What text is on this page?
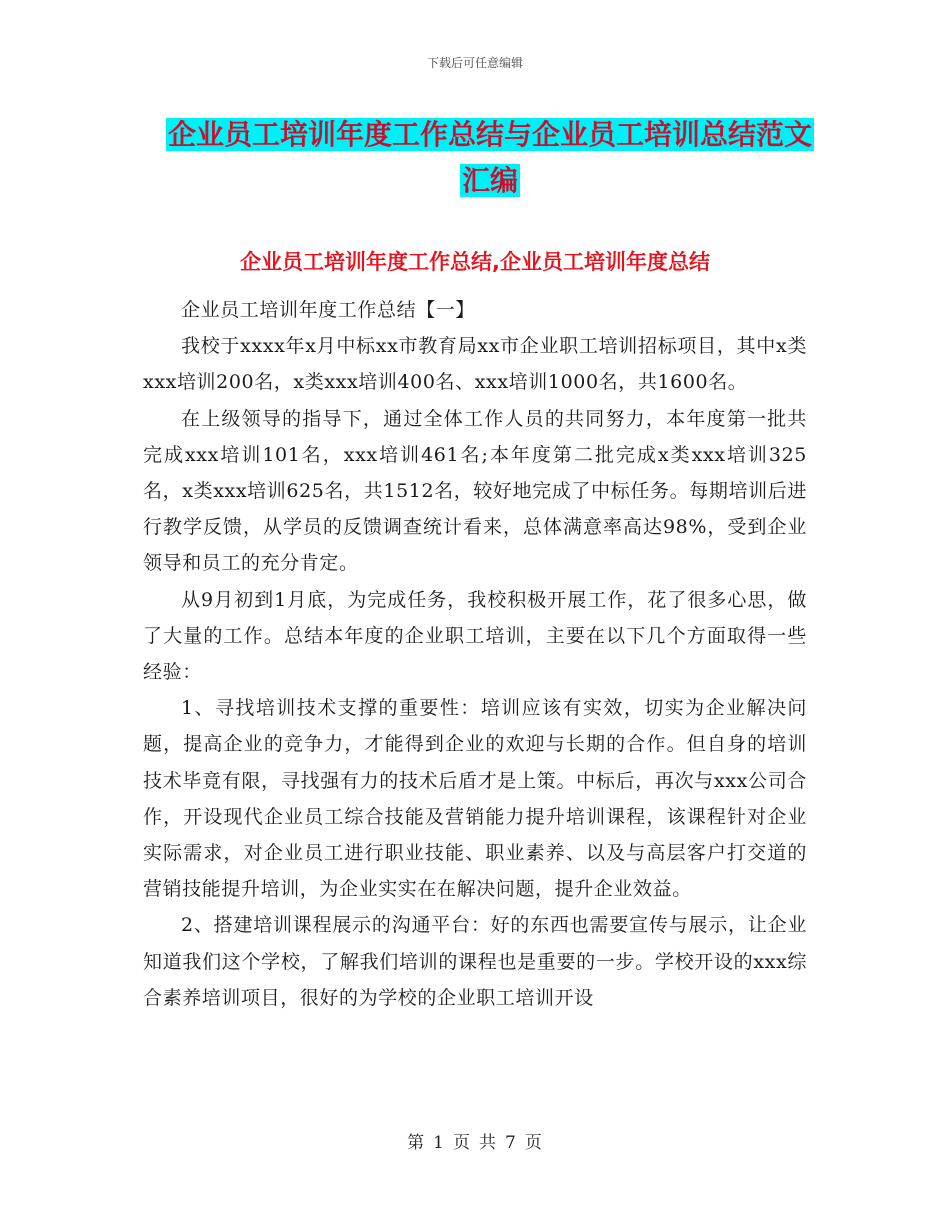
下载后可任意编辑
企业员工培训年度工作总结与企业员工培训总结范文
汇编
企业员工培训年度工作总结,企业员工培训年度总结

企业员工培训年度工作总结【一】

我校于xxxx年x月中标xx市教育局xx市企业职工培训招标项目，其中x类xxx培训200名，x类xxx培训400名、xxx培训1000名，共1600名。

在上级领导的指导下，通过全体工作人员的共同努力，本年度第一批共完成xxx培训101名，xxx培训461名;本年度第二批完成x类xxx培训325名，x类xxx培训625名，共1512名，较好地完成了中标任务。每期培训后进行教学反馈，从学员的反馈调查统计看来，总体满意率高达98%，受到企业领导和员工的充分肯定。

从9月初到1月底，为完成任务，我校积极开展工作，花了很多心思，做了大量的工作。总结本年度的企业职工培训，主要在以下几个方面取得一些经验：

1、寻找培训技术支撑的重要性：培训应该有实效，切实为企业解决问题，提高企业的竞争力，才能得到企业的欢迎与长期的合作。但自身的培训技术毕竟有限，寻找强有力的技术后盾才是上策。中标后，再次与xxx公司合作，开设现代企业员工综合技能及营销能力提升培训课程，该课程针对企业实际需求，对企业员工进行职业技能、职业素养、以及与高层客户打交道的营销技能提升培训，为企业实实在在解决问题，提升企业效益。

2、搭建培训课程展示的沟通平台：好的东西也需要宣传与展示，让企业知道我们这个学校，了解我们培训的课程也是重要的一步。学校开设的xxx综合素养培训项目，很好的为学校的企业职工培训开设

第 1 页 共 7 页
